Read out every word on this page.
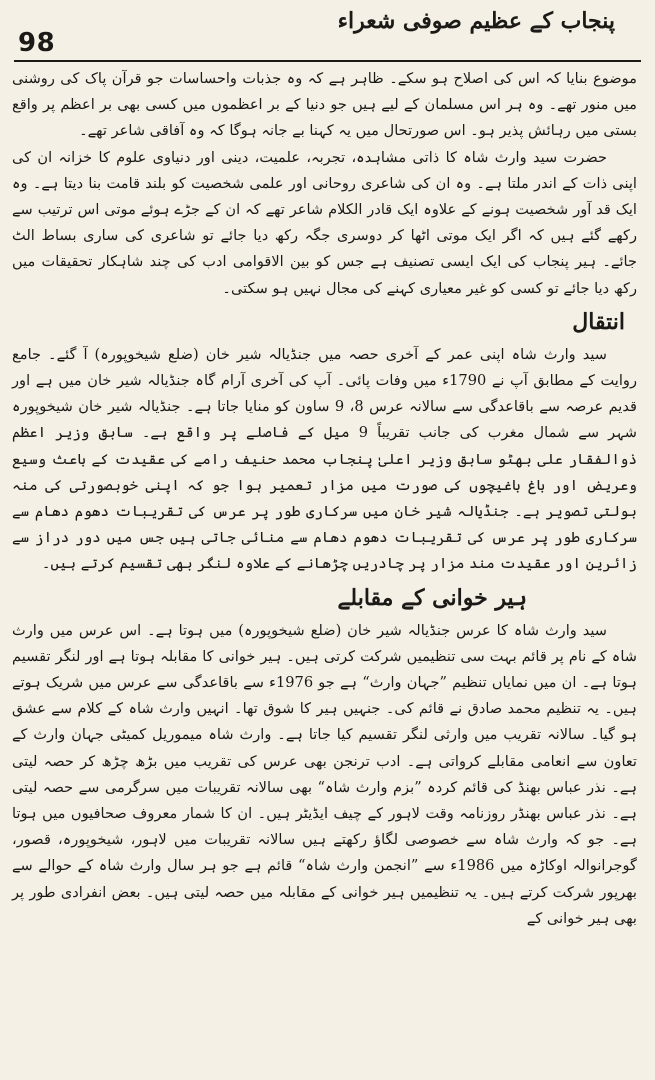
98
پنجاب کے عظیم صوفی شعراء

موضوع بنایا کہ اس کی اصلاح ہو سکے۔ ظاہر ہے کہ وہ جذبات واحساسات جو قرآن پاک کی روشنی میں منور تھے۔ وہ ہر اس مسلمان کے لیے ہیں جو دنیا کے بر اعظموں میں کسی بھی بر اعظم پر واقع بستی میں رہائش پذیر ہو۔ اس صورتحال میں یہ کہنا بے جانہ ہوگا کہ وہ آفاقی شاعر تھے۔

حضرت سید وارث شاہ کا ذاتی مشاہدہ، تجربہ، علمیت، دینی اور دنیاوی علوم کا خزانہ ان کی اپنی ذات کے اندر ملتا ہے۔ وہ ان کی شاعری روحانی اور علمی شخصیت کو بلند قامت بنا دیتا ہے۔ وہ ایک قد آور شخصیت ہونے کے علاوہ ایک قادر الکلام شاعر تھے کہ ان کے جڑے ہوئے موتی اس ترتیب سے رکھے گئے ہیں کہ اگر ایک موتی اٹھا کر دوسری جگہ رکھ دیا جائے تو شاعری کی ساری بساط الٹ جائے۔ ہیر پنجاب کی ایک ایسی تصنیف ہے جس کو بین الاقوامی ادب کی چند شاہکار تحقیقات میں رکھ دیا جائے تو کسی کو غیر معیاری کہنے کی مجال نہیں ہو سکتی۔

انتقال

سید وارث شاہ اپنی عمر کے آخری حصہ میں جنڈیالہ شیر خان (ضلع شیخوپورہ) آ گئے۔ جامع روایت کے مطابق آپ نے 1790ء میں وفات پائی۔ آپ کی آخری آرام گاہ جنڈیالہ شیر خان میں ہے اور قدیم عرصہ سے باقاعدگی سے سالانہ عرس 8، 9 ساون کو منایا جاتا ہے۔ جنڈیالہ شیر خان شیخوپورہ شہر سے شمال مغرب کی جانب تقریباً 9 میل کے فاصلے پر واقع ہے۔ سابق وزیر اعظم ذوالفقار علی بھٹو سابق وزیر اعلیٰ پنجاب محمد حنیف رامے کی عقیدت کے باعث وسیع وعریض اور باغ باغیچوں کی صورت میں مزار تعمیر ہوا جو کہ اپنی خوبصورتی کی منہ بولتی تصویر ہے۔ جنڈیالہ شیر خان میں سرکاری طور پر عرس کی تقریبات دھوم دھام سے سرکاری طور پر عرس کی تقریبات دھوم دھام سے منائی جاتی ہیں جس میں دور دراز سے زائرین اور عقیدت مند مزار پر چادریں چڑھانے کے علاوہ لنگر بھی تقسیم کرتے ہیں۔

ہیر خوانی کے مقابلے

سید وارث شاہ کا عرس جنڈیالہ شیر خان (ضلع شیخوپورہ) میں ہوتا ہے۔ اس عرس میں وارث شاہ کے نام پر قائم بہت سی تنظیمیں شرکت کرتی ہیں۔ ہیر خوانی کا مقابلہ ہوتا ہے اور لنگر تقسیم ہوتا ہے۔ ان میں نمایاں تنظیم ”جہان وارث“ ہے جو 1976ء سے باقاعدگی سے عرس میں شریک ہوتے ہیں۔ یہ تنظیم محمد صادق نے قائم کی۔ جنہیں ہیر کا شوق تھا۔ انہیں وارث شاہ کے کلام سے عشق ہو گیا۔ سالانہ تقریب میں وارثی لنگر تقسیم کیا جاتا ہے۔ وارث شاہ میموریل کمیٹی جہان وارث کے تعاون سے انعامی مقابلے کرواتی ہے۔ ادب ترنجن بھی عرس کی تقریب میں بڑھ چڑھ کر حصہ لیتی ہے۔ نذر عباس بھنڈ کی قائم کردہ ”بزم وارث شاہ“ بھی سالانہ تقریبات میں سرگرمی سے حصہ لیتی ہے۔ نذر عباس بھنڈر روزنامہ وقت لاہور کے چیف ایڈیٹر ہیں۔ ان کا شمار معروف صحافیوں میں ہوتا ہے۔ جو کہ وارث شاہ سے خصوصی لگاؤ رکھتے ہیں سالانہ تقریبات میں لاہور، شیخوپورہ، قصور، گوجرانوالہ اوکاڑہ میں 1986ء سے ”انجمن وارث شاہ“ قائم ہے جو ہر سال وارث شاہ کے حوالے سے بھرپور شرکت کرتے ہیں۔ یہ تنظیمیں ہیر خوانی کے مقابلہ میں حصہ لیتی ہیں۔ بعض انفرادی طور پر بھی ہیر خوانی کے
